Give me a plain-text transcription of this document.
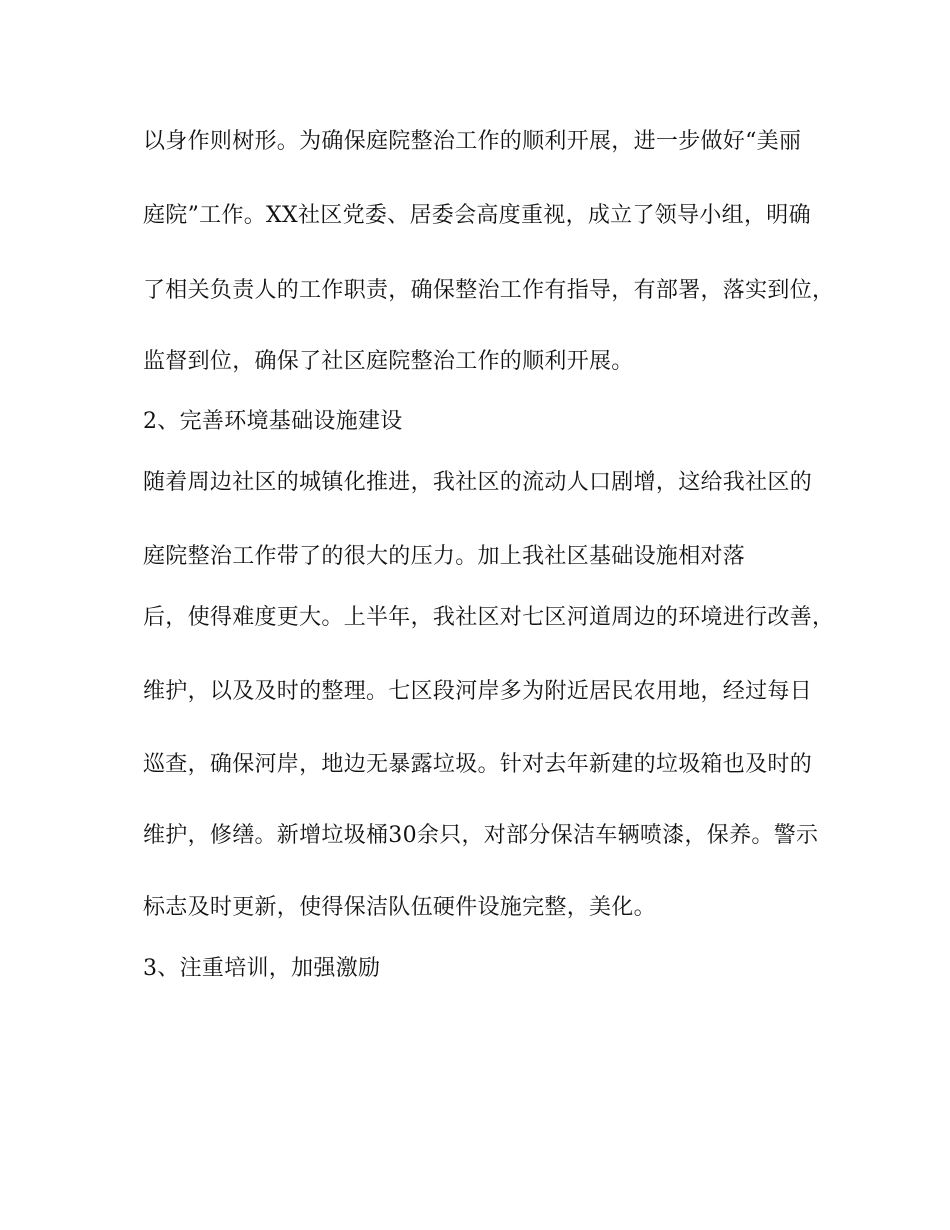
以身作则树形。为确保庭院整治工作的顺利开展，进一步做好“美丽
庭院”工作。XX社区党委、居委会高度重视，成立了领导小组，明确
了相关负责人的工作职责，确保整治工作有指导，有部署，落实到位，
监督到位，确保了社区庭院整治工作的顺利开展。
2、完善环境基础设施建设
随着周边社区的城镇化推进，我社区的流动人口剧增，这给我社区的
庭院整治工作带了的很大的压力。加上我社区基础设施相对落
后，使得难度更大。上半年，我社区对七区河道周边的环境进行改善，
维护，以及及时的整理。七区段河岸多为附近居民农用地，经过每日
巡查，确保河岸，地边无暴露垃圾。针对去年新建的垃圾箱也及时的
维护，修缮。新增垃圾桶30余只，对部分保洁车辆喷漆，保养。警示
标志及时更新，使得保洁队伍硬件设施完整，美化。
3、注重培训，加强激励
